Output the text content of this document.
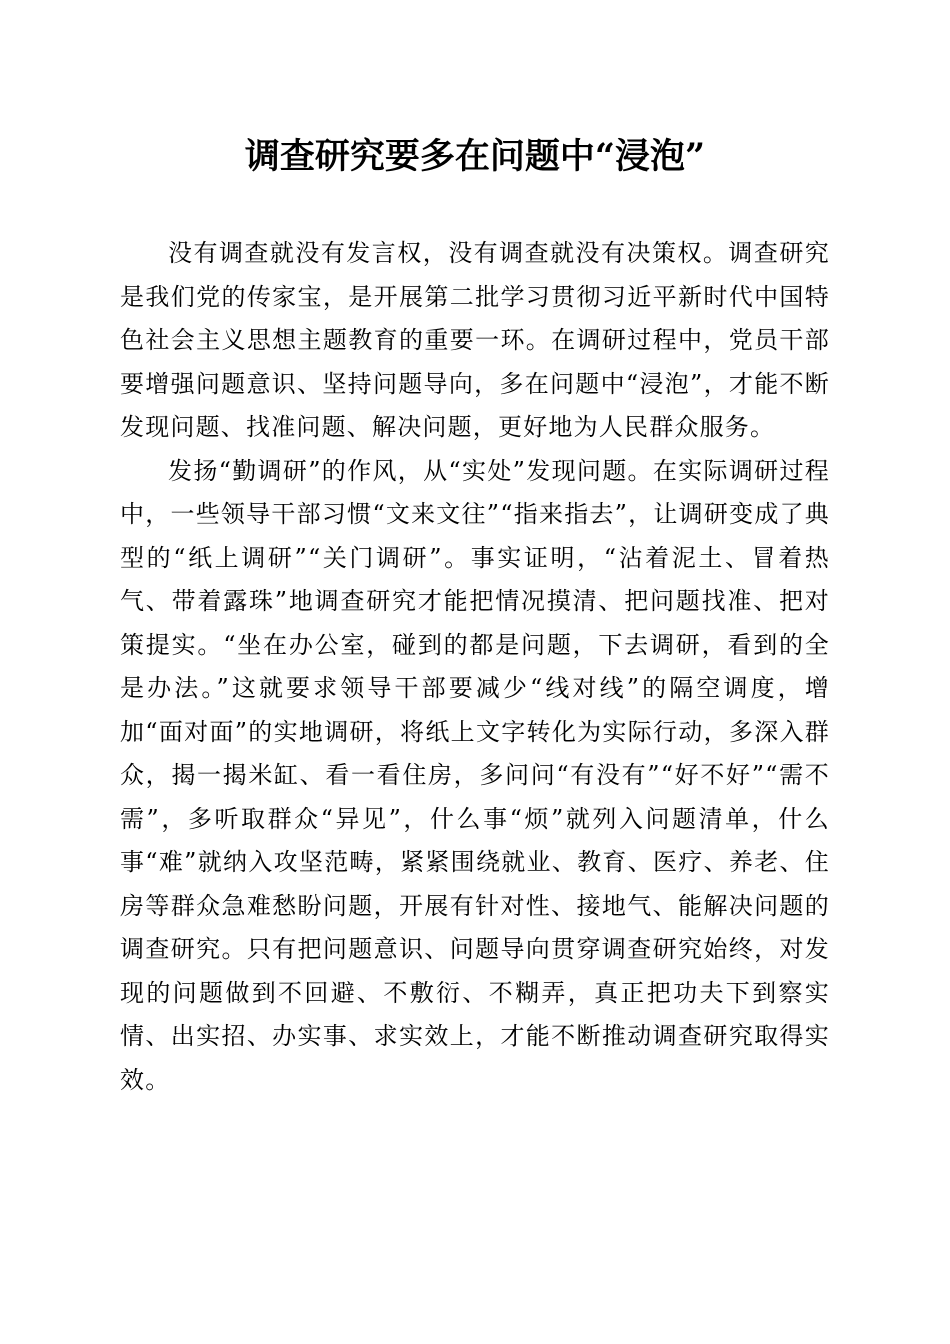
调查研究要多在问题中“浸泡”

没有调查就没有发言权，没有调查就没有决策权。调查研究是我们党的传家宝，是开展第二批学习贯彻习近平新时代中国特色社会主义思想主题教育的重要一环。在调研过程中，党员干部要增强问题意识、坚持问题导向，多在问题中“浸泡”，才能不断发现问题、找准问题、解决问题，更好地为人民群众服务。

发扬“勤调研”的作风，从“实处”发现问题。在实际调研过程中，一些领导干部习惯“文来文往”“指来指去”，让调研变成了典型的“纸上调研”“关门调研”。事实证明，“沾着泥土、冒着热气、带着露珠”地调查研究才能把情况摸清、把问题找准、把对策提实。“坐在办公室，碰到的都是问题，下去调研，看到的全是办法。”这就要求领导干部要减少“线对线”的隔空调度，增加“面对面”的实地调研，将纸上文字转化为实际行动，多深入群众，揭一揭米缸、看一看住房，多问问“有没有”“好不好”“需不需”，多听取群众“异见”，什么事“烦”就列入问题清单，什么事“难”就纳入攻坚范畴，紧紧围绕就业、教育、医疗、养老、住房等群众急难愁盼问题，开展有针对性、接地气、能解决问题的调查研究。只有把问题意识、问题导向贯穿调查研究始终，对发现的问题做到不回避、不敷衍、不糊弄，真正把功夫下到察实情、出实招、办实事、求实效上，才能不断推动调查研究取得实效。
